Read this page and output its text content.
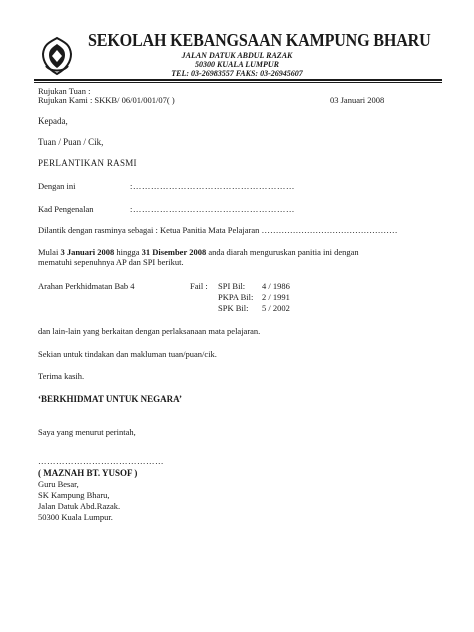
SEKOLAH KEBANGSAAN KAMPUNG BHARU
JALAN DATUK ABDUL RAZAK
50300 KUALA LUMPUR
TEL: 03-26983557 FAKS: 03-26945607
Rujukan Tuan :
Rujukan Kami : SKKB/ 06/01/001/07( )	03 Januari 2008
Kepada,
Tuan / Puan / Cik,
PERLANTIKAN RASMI
Dengan ini	:………………………………………………
Kad Pengenalan	:………………………………………………
Dilantik dengan rasminya sebagai : Ketua Panitia Mata Pelajaran …………………………………………
Mulai 3 Januari 2008 hingga 31 Disember 2008 anda diarah menguruskan panitia ini dengan
mematuhi sepenuhnya AP dan SPI berikut.
Arahan Perkhidmatan Bab 4	Fail : SPI Bil: 4 / 1986
PKPA Bil: 2 / 1991
SPK Bil: 5 / 2002
dan lain-lain yang berkaitan dengan perlaksanaan mata pelajaran.
Sekian untuk tindakan dan makluman tuan/puan/cik.
Terima kasih.
‘BERKHIDMAT UNTUK NEGARA’
Saya yang menurut perintah,
……………………………………
( MAZNAH BT. YUSOF )
Guru Besar,
SK Kampung Bharu,
Jalan Datuk Abd.Razak.
50300 Kuala Lumpur.
